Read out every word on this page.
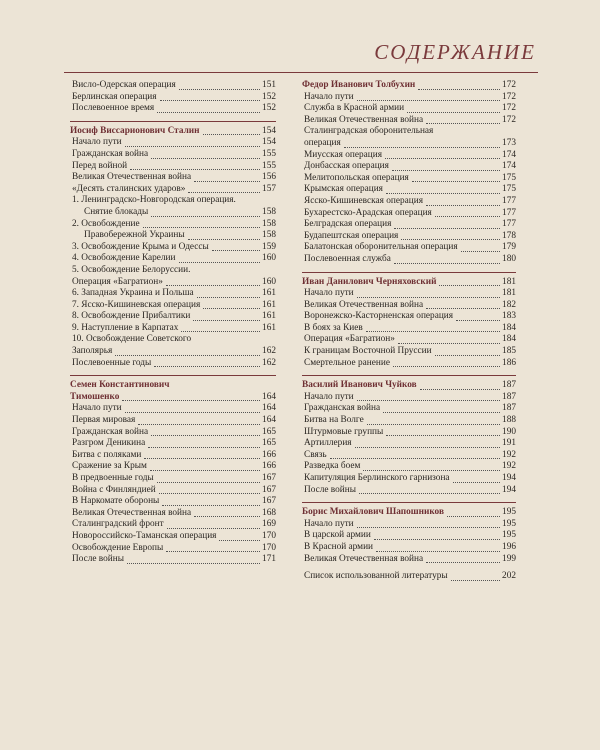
СОДЕРЖАНИЕ
Висло-Одерская операция	151
Берлинская операция	152
Послевоенное время	152
Иосиф Виссарионович Сталин	154
Начало пути	154
Гражданская война	155
Перед войной	155
Великая Отечественная война	156
«Десять сталинских ударов»	157
1. Ленинградско-Новгородская операция.
Снятие блокады	158
2. Освобождение	158
Правобережной Украины	158
3. Освобождение Крыма и Одессы	159
4. Освобождение Карелии	160
5. Освобождение Белоруссии.
Операция «Багратион»	160
6. Западная Украина и Польша	161
7. Ясско-Кишиневская операция	161
8. Освобождение Прибалтики	161
9. Наступление в Карпатах	161
10. Освобождение Советского
Заполярья	162
Послевоенные годы	162
Семен Константинович
Тимошенко	164
Начало пути	164
Первая мировая	164
Гражданская война	165
Разгром Деникина	165
Битва с поляками	166
Сражение за Крым	166
В предвоенные годы	167
Война с Финляндией	167
В Наркомате обороны	167
Великая Отечественная война	168
Сталинградский фронт	169
Новороссийско-Таманская операция	170
Освобождение Европы	170
После войны	171
Федор Иванович Толбухин	172
Начало пути	172
Служба в Красной армии	172
Великая Отечественная война	172
Сталинградская оборонительная
операция	173
Миусская операция	174
Донбасская операция	174
Мелитопольская операция	175
Крымская операция	175
Ясско-Кишиневская операция	177
Бухарестско-Арадская операция	177
Белградская операция	177
Будапештская операция	178
Балатонская оборонительная операция	179
Послевоенная служба	180
Иван Данилович Черняховский	181
Начало пути	181
Великая Отечественная война	182
Воронежско-Касторненская операция	183
В боях за Киев	184
Операция «Багратион»	184
К границам Восточной Пруссии	185
Смертельное ранение	186
Василий Иванович Чуйков	187
Начало пути	187
Гражданская война	187
Битва на Волге	188
Штурмовые группы	190
Артиллерия	191
Связь	192
Разведка боем	192
Капитуляция Берлинского гарнизона	194
После войны	194
Борис Михайлович Шапошников	195
Начало пути	195
В царской армии	195
В Красной армии	196
Великая Отечественная война	199
Список использованной литературы	202
